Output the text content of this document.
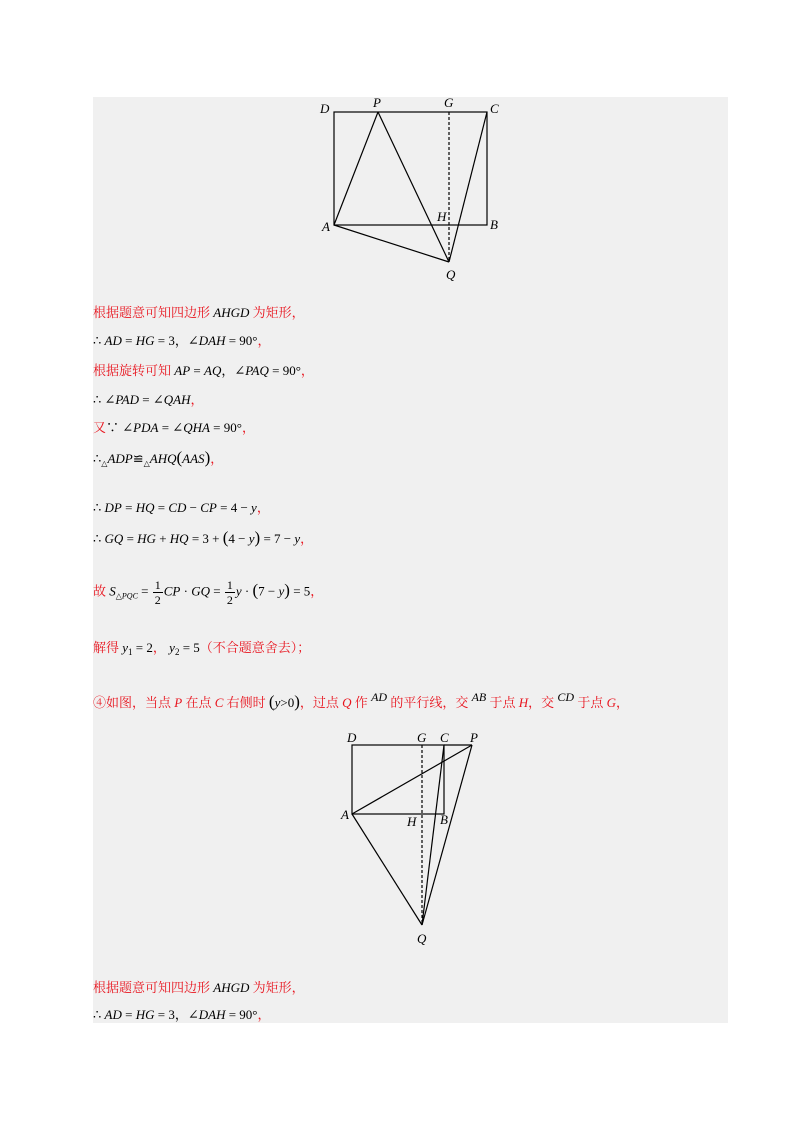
D	P	G	C
A
H
B
Q
根据题意可知四边形 AHGD 为矩形，
∴ AD = HG = 3，∠DAH = 90°，
根据旋转可知 AP = AQ，∠PAQ = 90°，
∴ ∠PAD = ∠QAH，
又∵ ∠PDA = ∠QHA = 90°，
$\therefore_\triangle ADP≌_\triangle AHQ(AAS)$，
∴ DP = HQ = CD − CP = 4 − y，
∴ GQ = HG + HQ = 3 + (4 − y) = 7 − y，
故 $S_{\triangle PQC} = \frac{1}{2}$ CP · GQ = $\frac{1}{2}$ y · (7 − y) = 5，
解得 $y_1 = 2$， $y_2 = 5$（不合题意舍去）；
④如图，当点 P 在点 C 右侧时 (y>0)，过点 Q 作 AD 的平行线，交 AB 于点 H，交 CD 于点 G，
D	G C P
A	H B
Q
根据题意可知四边形 AHGD 为矩形，
∴ AD = HG = 3，∠DAH = 90°，
